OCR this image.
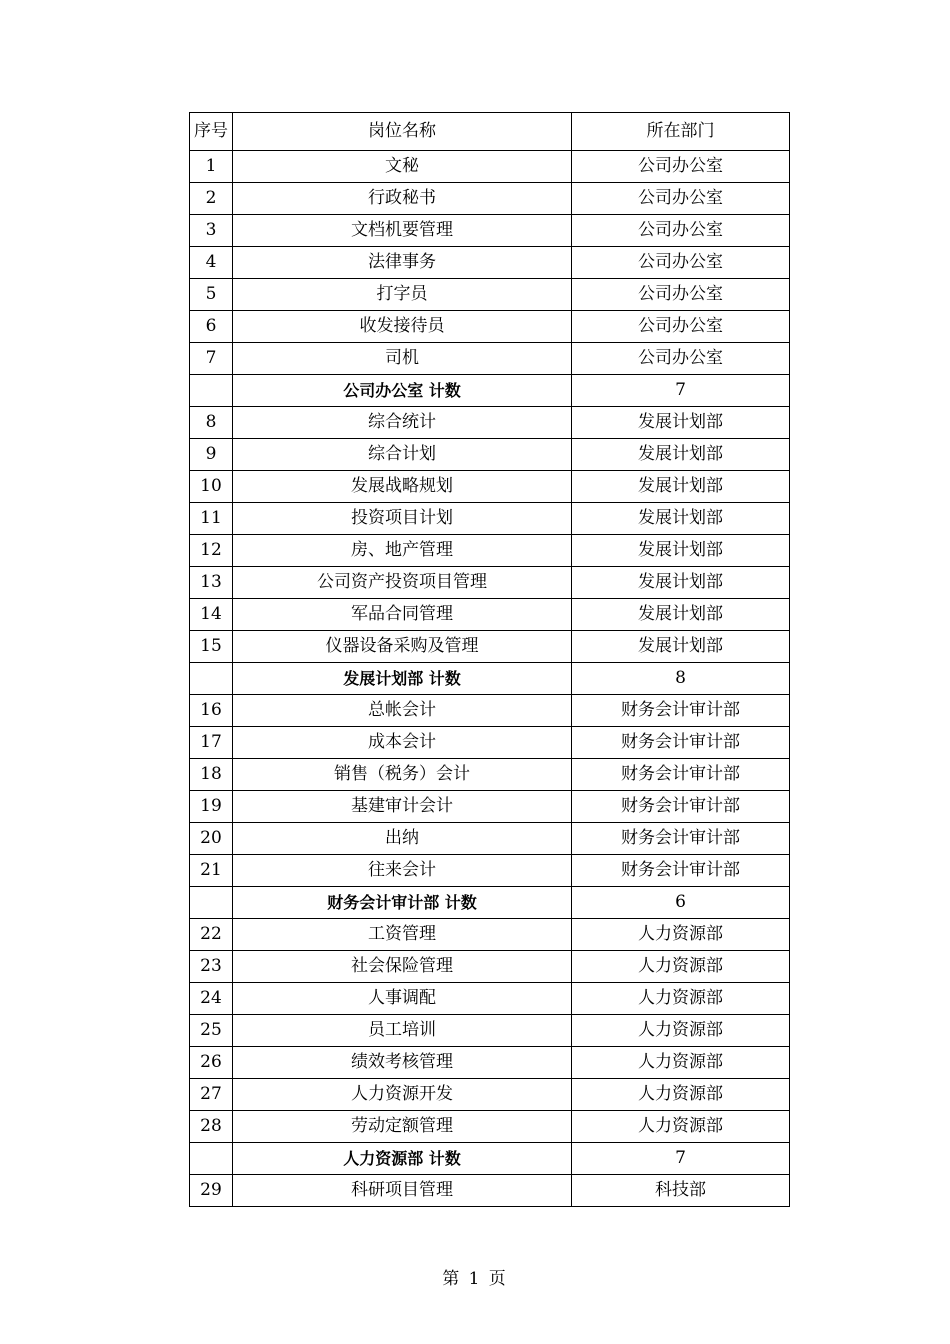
序号	岗位名称	所在部门
1	文秘	公司办公室
2	行政秘书	公司办公室
3	文档机要管理	公司办公室
4	法律事务	公司办公室
5	打字员	公司办公室
6	收发接待员	公司办公室
7	司机	公司办公室
	公司办公室 计数	7
8	综合统计	发展计划部
9	综合计划	发展计划部
10	发展战略规划	发展计划部
11	投资项目计划	发展计划部
12	房、地产管理	发展计划部
13	公司资产投资项目管理	发展计划部
14	军品合同管理	发展计划部
15	仪器设备采购及管理	发展计划部
	发展计划部 计数	8
16	总帐会计	财务会计审计部
17	成本会计	财务会计审计部
18	销售（税务）会计	财务会计审计部
19	基建审计会计	财务会计审计部
20	出纳	财务会计审计部
21	往来会计	财务会计审计部
	财务会计审计部 计数	6
22	工资管理	人力资源部
23	社会保险管理	人力资源部
24	人事调配	人力资源部
25	员工培训	人力资源部
26	绩效考核管理	人力资源部
27	人力资源开发	人力资源部
28	劳动定额管理	人力资源部
	人力资源部 计数	7
29	科研项目管理	科技部
第 1 页
